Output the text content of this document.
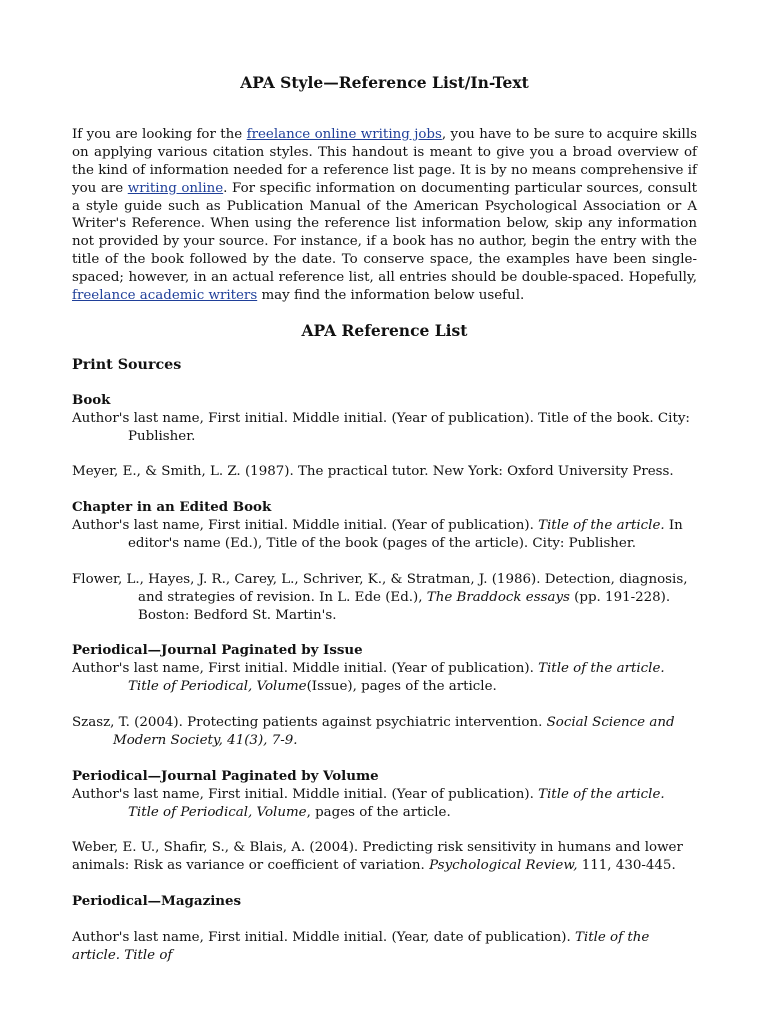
APA Style—Reference List/In-Text

If you are looking for the freelance online writing jobs, you have to be sure to acquire skills on applying various citation styles. This handout is meant to give you a broad overview of the kind of information needed for a reference list page. It is by no means comprehensive if you are writing online. For specific information on documenting particular sources, consult a style guide such as Publication Manual of the American Psychological Association or A Writer's Reference. When using the reference list information below, skip any information not provided by your source. For instance, if a book has no author, begin the entry with the title of the book followed by the date. To conserve space, the examples have been single-spaced; however, in an actual reference list, all entries should be double-spaced. Hopefully, freelance academic writers may find the information below useful.

APA Reference List
Print Sources
Book

Author's last name, First initial. Middle initial. (Year of publication). Title of the book. City: Publisher.

Meyer, E., & Smith, L. Z. (1987). The practical tutor. New York: Oxford University Press.

Chapter in an Edited Book

Author's last name, First initial. Middle initial. (Year of publication). Title of the article. In editor's name (Ed.), Title of the book (pages of the article). City: Publisher.

Flower, L., Hayes, J. R., Carey, L., Schriver, K., & Stratman, J. (1986). Detection, diagnosis, and strategies of revision. In L. Ede (Ed.), The Braddock essays (pp. 191-228). Boston: Bedford St. Martin's.

Periodical—Journal Paginated by Issue

Author's last name, First initial. Middle initial. (Year of publication). Title of the article. Title of Periodical, Volume(Issue), pages of the article.

Szasz, T. (2004). Protecting patients against psychiatric intervention. Social Science and Modern Society, 41(3), 7-9.

Periodical—Journal Paginated by Volume

Author's last name, First initial. Middle initial. (Year of publication). Title of the article. Title of Periodical, Volume, pages of the article.

Weber, E. U., Shafir, S., & Blais, A. (2004). Predicting risk sensitivity in humans and lower animals: Risk as variance or coefficient of variation. Psychological Review, 111, 430-445.

Periodical—Magazines

Author's last name, First initial. Middle initial. (Year, date of publication). Title of the article. Title of
